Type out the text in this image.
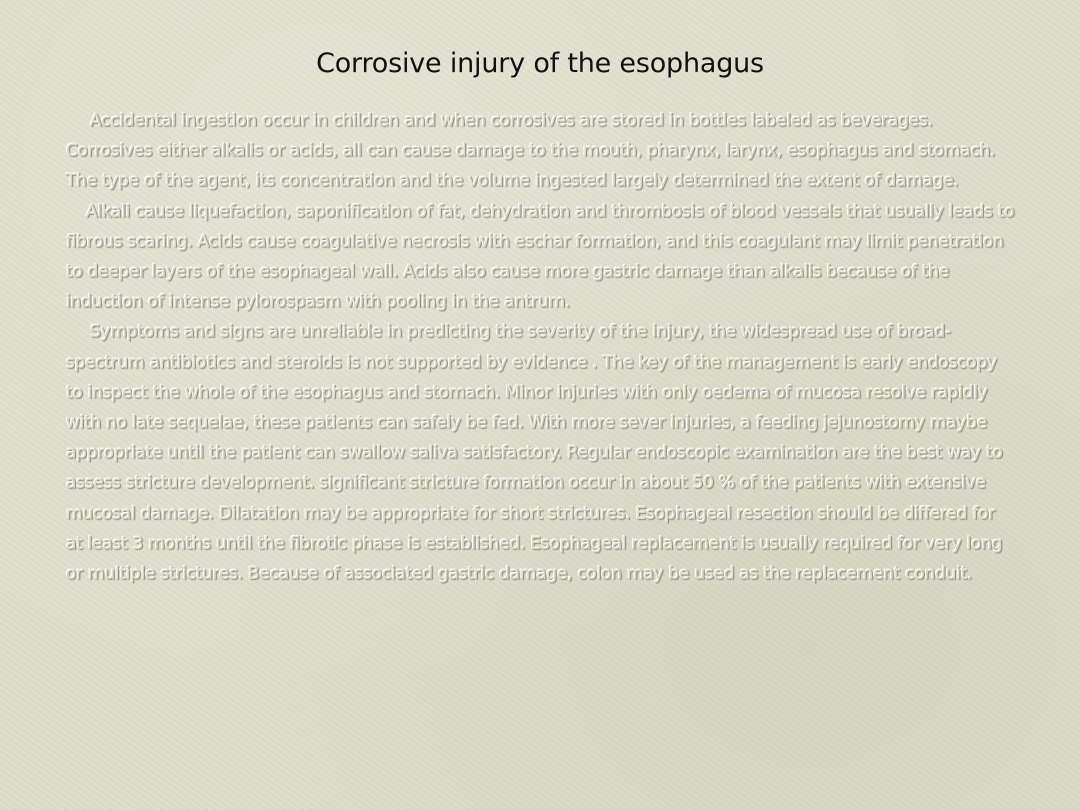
Corrosive injury of the esophagus

Accidental ingestion occur in children and when corrosives are stored in bottles labeled as beverages. Corrosives either alkalis or acids, all can cause damage to the mouth, pharynx, larynx, esophagus and stomach. The type of the agent, its concentration and the volume ingested largely determined the extent of damage.

Alkali cause liquefaction, saponification of fat, dehydration and thrombosis of blood vessels that usually leads to fibrous scaring. Acids cause coagulative necrosis with eschar formation, and this coagulant may limit penetration to deeper layers of the esophageal wall. Acids also cause more gastric damage than alkalis because of the induction of intense pylorospasm with pooling in the antrum.

Symptoms and signs are unreliable in predicting the severity of the injury, the widespread use of broad-spectrum antibiotics and steroids is not supported by evidence . The key of the management is early endoscopy to inspect the whole of the esophagus and stomach. Minor injuries with only oedema of mucosa resolve rapidly with no late sequelae, these patients can safely be fed. With more sever injuries, a feeding jejunostomy maybe appropriate until the patient can swallow saliva satisfactory. Regular endoscopic examination are the best way to assess stricture development. significant stricture formation occur in about 50 % of the patients with extensive mucosal damage. Dilatation may be appropriate for short strictures. Esophageal resection should be differed for at least 3 months until the fibrotic phase is established. Esophageal replacement is usually required for very long or multiple strictures. Because of associated gastric damage, colon may be used as the replacement conduit.
